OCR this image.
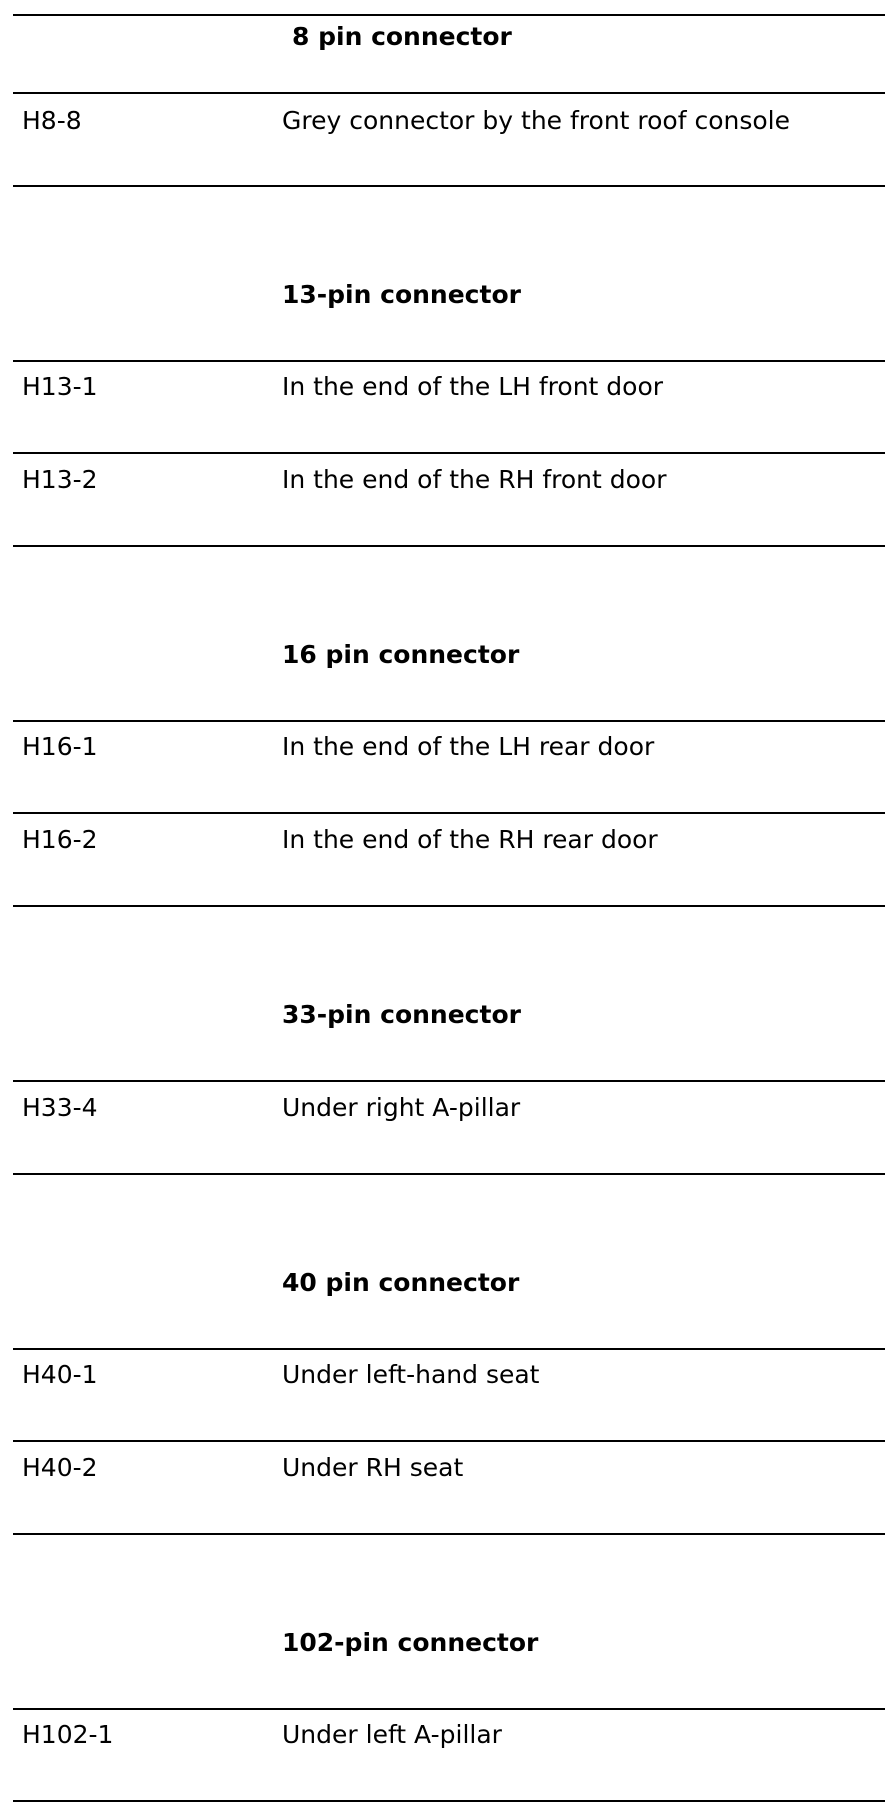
8 pin connector
H8-8	Grey connector by the front roof console
13-pin connector
H13-1	In the end of the LH front door
H13-2	In the end of the RH front door
16 pin connector
H16-1	In the end of the LH rear door
H16-2	In the end of the RH rear door
33-pin connector
H33-4	Under right A-pillar
40 pin connector
H40-1	Under left-hand seat
H40-2	Under RH seat
102-pin connector
H102-1	Under left A-pillar
